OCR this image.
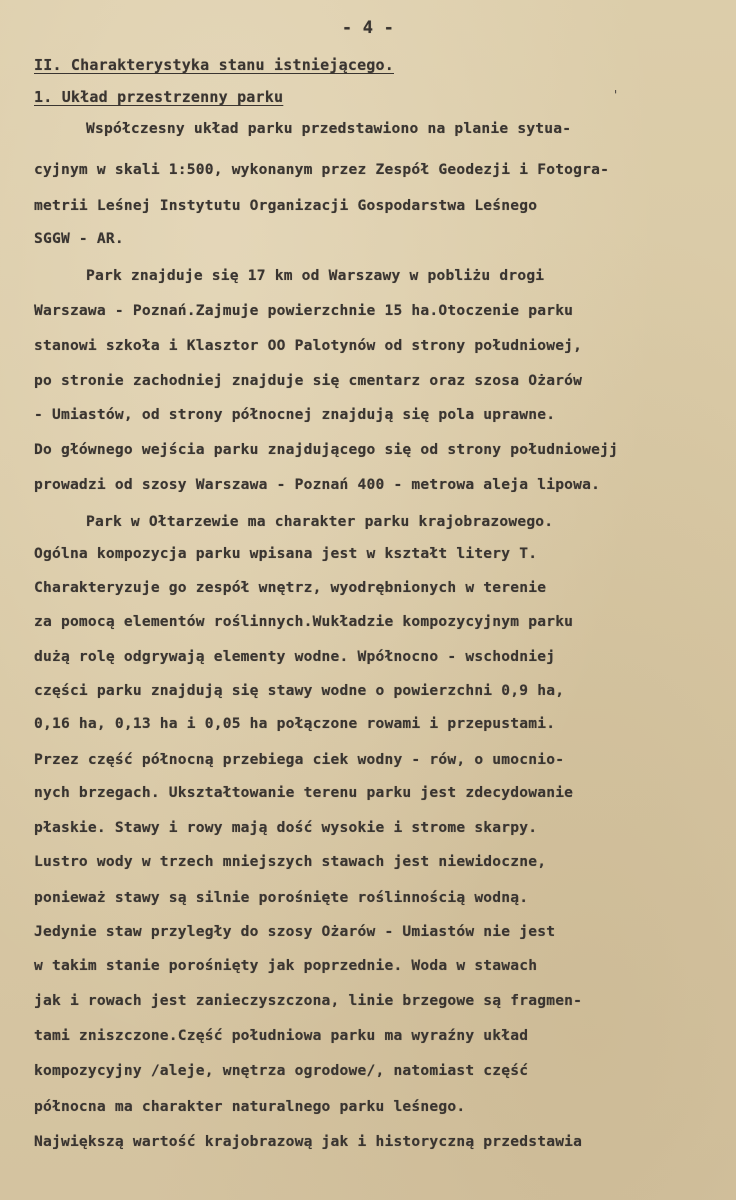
- 4 -
II. Charakterystyka stanu istniejącego.
1. Układ przestrzenny parku	'
Współczesny układ parku przedstawiono na planie sytua-
cyjnym w skali 1:500, wykonanym przez Zespół Geodezji i Fotogra-
metrii Leśnej Instytutu Organizacji Gospodarstwa Leśnego
SGGW - AR.
Park znajduje się 17 km od Warszawy w pobliżu drogi
Warszawa - Poznań.Zajmuje powierzchnie 15 ha.Otoczenie parku
stanowi szkoła i Klasztor OO Palotynów od strony południowej,
po stronie zachodniej znajduje się cmentarz oraz szosa Ożarów
- Umiastów, od strony północnej znajdują się pola uprawne.
Do głównego wejścia parku znajdującego się od strony południowejj
prowadzi od szosy Warszawa - Poznań 400 - metrowa aleja lipowa.
Park w Ołtarzewie ma charakter parku krajobrazowego.
Ogólna kompozycja parku wpisana jest w kształt litery T.
Charakteryzuje go zespół wnętrz, wyodrębnionych w terenie
za pomocą elementów roślinnych.Wukładzie kompozycyjnym parku
dużą rolę odgrywają elementy wodne. Wpółnocno - wschodniej
części parku znajdują się stawy wodne o powierzchni 0,9 ha,
0,16 ha, 0,13 ha i 0,05 ha połączone rowami i przepustami.
Przez część północną przebiega ciek wodny - rów, o umocnio-
nych brzegach. Ukształtowanie terenu parku jest zdecydowanie
płaskie. Stawy i rowy mają dość wysokie i strome skarpy.
Lustro wody w trzech mniejszych stawach jest niewidoczne,
ponieważ stawy są silnie porośnięte roślinnością wodną.
Jedynie staw przyległy do szosy Ożarów - Umiastów nie jest
w takim stanie porośnięty jak poprzednie. Woda w stawach
jak i rowach jest zanieczyszczona, linie brzegowe są fragmen-
tami zniszczone.Część południowa parku ma wyraźny układ
kompozycyjny /aleje, wnętrza ogrodowe/, natomiast część
północna ma charakter naturalnego parku leśnego.
Największą wartość krajobrazową jak i historyczną przedstawia
